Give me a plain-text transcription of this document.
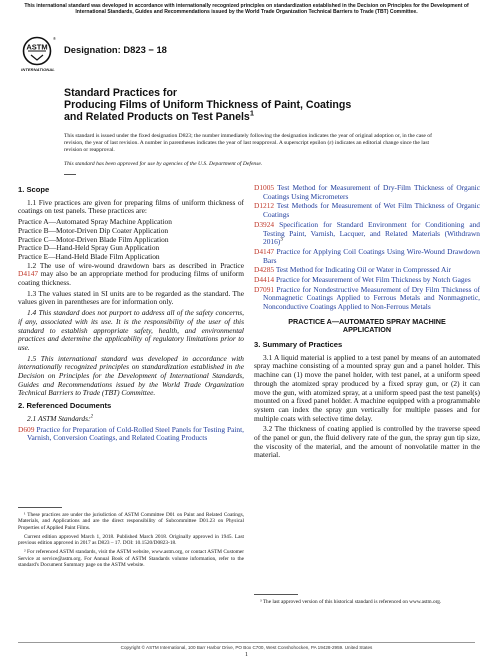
This international standard was developed in accordance with internationally recognized principles on standardization established in the Decision on Principles for the Development of International Standards, Guides and Recommendations issued by the World Trade Organization Technical Barriers to Trade (TBT) Committee.
ASTM
®
INTERNATIONAL
Designation: D823 − 18
Standard Practices for
Producing Films of Uniform Thickness of Paint, Coatings
and Related Products on Test Panels$^1$
This standard is issued under the fixed designation D823; the number immediately following the designation indicates the year of original adoption or, in the case of revision, the year of last revision. A number in parentheses indicates the year of last reapproval. A superscript epsilon (ε) indicates an editorial change since the last revision or reapproval.
This standard has been approved for use by agencies of the U.S. Department of Defense.
1. Scope

1.1 Five practices are given for preparing films of uniform thickness of coatings on test panels. These practices are:

Practice A—Automated Spray Machine Application

Practice B—Motor-Driven Dip Coater Application

Practice C—Motor-Driven Blade Film Application

Practice D—Hand-Held Spray Gun Application

Practice E—Hand-Held Blade Film Application

1.2 The use of wire-wound drawdown bars as described in Practice D4147 may also be an appropriate method for producing films of uniform coating thickness.

1.3 The values stated in SI units are to be regarded as the standard. The values given in parentheses are for information only.

1.4 This standard does not purport to address all of the safety concerns, if any, associated with its use. It is the responsibility of the user of this standard to establish appropriate safety, health, and environmental practices and determine the applicability of regulatory limitations prior to use.

1.5 This international standard was developed in accordance with internationally recognized principles on standardization established in the Decision on Principles for the Development of International Standards, Guides and Recommendations issued by the World Trade Organization Technical Barriers to Trade (TBT) Committee.

2. Referenced Documents

2.1 ASTM Standards:$^2$

D609 Practice for Preparation of Cold-Rolled Steel Panels for Testing Paint, Varnish, Conversion Coatings, and Related Coating Products

¹ These practices are under the jurisdiction of ASTM Committee D01 on Paint and Related Coatings, Materials, and Applications and are the direct responsibility of Subcommittee D01.23 on Physical Properties of Applied Paint Films.

Current edition approved March 1, 2018. Published March 2018. Originally approved in 1945. Last previous edition approved in 2017 as D823 – 17. DOI: 10.1520/D0823-18.

² For referenced ASTM standards, visit the ASTM website, www.astm.org, or contact ASTM Customer Service at service@astm.org. For Annual Book of ASTM Standards volume information, refer to the standard's Document Summary page on the ASTM website.

D1005 Test Method for Measurement of Dry-Film Thickness of Organic Coatings Using Micrometers

D1212 Test Methods for Measurement of Wet Film Thickness of Organic Coatings

D3924 Specification for Standard Environment for Conditioning and Testing Paint, Varnish, Lacquer, and Related Materials (Withdrawn 2016)$^3$

D4147 Practice for Applying Coil Coatings Using Wire-Wound Drawdown Bars

D4285 Test Method for Indicating Oil or Water in Compressed Air

D4414 Practice for Measurement of Wet Film Thickness by Notch Gages

D7091 Practice for Nondestructive Measurement of Dry Film Thickness of Nonmagnetic Coatings Applied to Ferrous Metals and Nonmagnetic, Nonconductive Coatings Applied to Non-Ferrous Metals

PRACTICE A—AUTOMATED SPRAY MACHINE
APPLICATION
3. Summary of Practices

3.1 A liquid material is applied to a test panel by means of an automated spray machine consisting of a mounted spray gun and a panel holder. This machine can (1) move the panel holder, with test panel, at a uniform speed through the atomized spray produced by a fixed spray gun, or (2) it can move the gun, with atomized spray, at a uniform speed past the test panel(s) mounted on a fixed panel holder. A machine equipped with a programmable system can index the spray gun vertically for multiple passes and for multiple coats with selective time delay.

3.2 The thickness of coating applied is controlled by the traverse speed of the panel or gun, the fluid delivery rate of the gun, the spray gun tip size, the viscosity of the material, and the amount of nonvolatile matter in the material.

³ The last approved version of this historical standard is referenced on www.astm.org.

Copyright © ASTM International, 100 Barr Harbor Drive, PO Box C700, West Conshohocken, PA 19428-2959. United States
1
